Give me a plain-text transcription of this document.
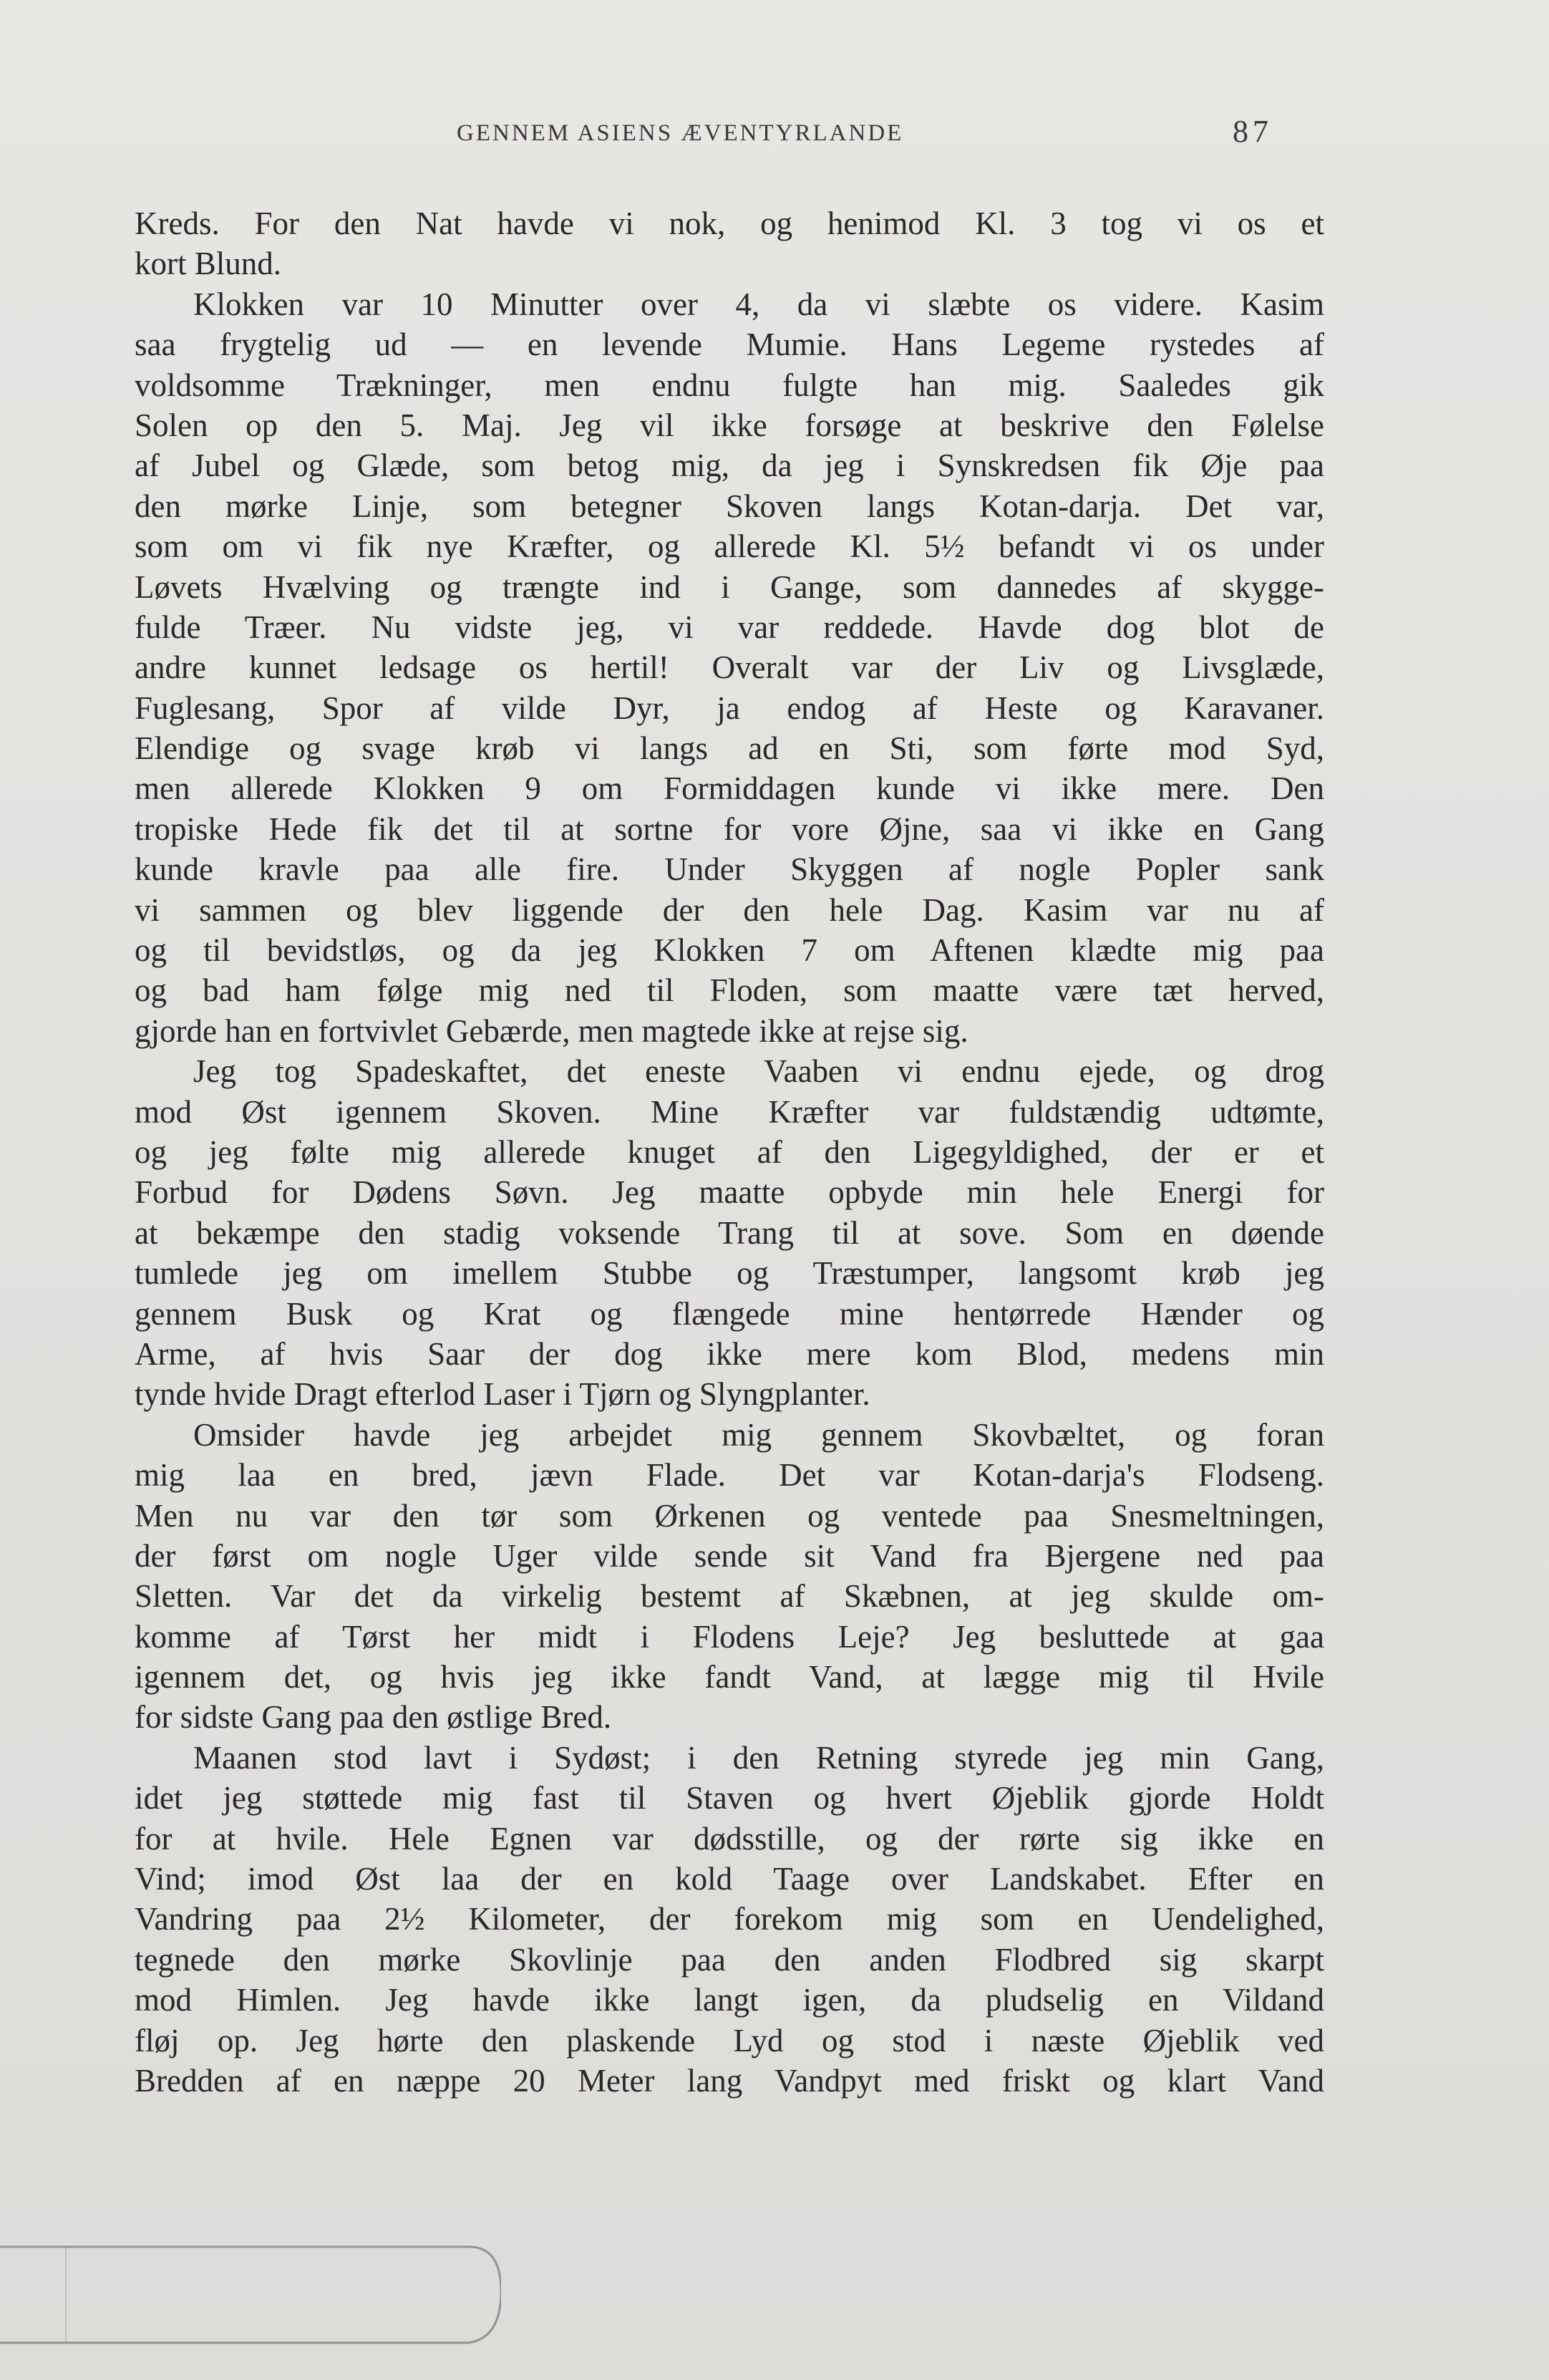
GENNEM ASIENS ÆVENTYRLANDE	87
Kreds. For den Nat havde vi nok, og henimod Kl. 3 tog vi os et
kort Blund.
Klokken var 10 Minutter over 4, da vi slæbte os videre. Kasim
saa frygtelig ud — en levende Mumie. Hans Legeme rystedes af
voldsomme Trækninger, men endnu fulgte han mig. Saaledes gik
Solen op den 5. Maj. Jeg vil ikke forsøge at beskrive den Følelse
af Jubel og Glæde, som betog mig, da jeg i Synskredsen fik Øje paa
den mørke Linje, som betegner Skoven langs Kotan-darja. Det var,
som om vi fik nye Kræfter, og allerede Kl. 5½ befandt vi os under
Løvets Hvælving og trængte ind i Gange, som dannedes af skygge-
fulde Træer. Nu vidste jeg, vi var reddede. Havde dog blot de
andre kunnet ledsage os hertil! Overalt var der Liv og Livsglæde,
Fuglesang, Spor af vilde Dyr, ja endog af Heste og Karavaner.
Elendige og svage krøb vi langs ad en Sti, som førte mod Syd,
men allerede Klokken 9 om Formiddagen kunde vi ikke mere. Den
tropiske Hede fik det til at sortne for vore Øjne, saa vi ikke en Gang
kunde kravle paa alle fire. Under Skyggen af nogle Popler sank
vi sammen og blev liggende der den hele Dag. Kasim var nu af
og til bevidstløs, og da jeg Klokken 7 om Aftenen klædte mig paa
og bad ham følge mig ned til Floden, som maatte være tæt herved,
gjorde han en fortvivlet Gebærde, men magtede ikke at rejse sig.
Jeg tog Spadeskaftet, det eneste Vaaben vi endnu ejede, og drog
mod Øst igennem Skoven. Mine Kræfter var fuldstændig udtømte,
og jeg følte mig allerede knuget af den Ligegyldighed, der er et
Forbud for Dødens Søvn. Jeg maatte opbyde min hele Energi for
at bekæmpe den stadig voksende Trang til at sove. Som en døende
tumlede jeg om imellem Stubbe og Træstumper, langsomt krøb jeg
gennem Busk og Krat og flængede mine hentørrede Hænder og
Arme, af hvis Saar der dog ikke mere kom Blod, medens min
tynde hvide Dragt efterlod Laser i Tjørn og Slyngplanter.
Omsider havde jeg arbejdet mig gennem Skovbæltet, og foran
mig laa en bred, jævn Flade. Det var Kotan-darja's Flodseng.
Men nu var den tør som Ørkenen og ventede paa Snesmeltningen,
der først om nogle Uger vilde sende sit Vand fra Bjergene ned paa
Sletten. Var det da virkelig bestemt af Skæbnen, at jeg skulde om-
komme af Tørst her midt i Flodens Leje? Jeg besluttede at gaa
igennem det, og hvis jeg ikke fandt Vand, at lægge mig til Hvile
for sidste Gang paa den østlige Bred.
Maanen stod lavt i Sydøst; i den Retning styrede jeg min Gang,
idet jeg støttede mig fast til Staven og hvert Øjeblik gjorde Holdt
for at hvile. Hele Egnen var dødsstille, og der rørte sig ikke en
Vind; imod Øst laa der en kold Taage over Landskabet. Efter en
Vandring paa 2½ Kilometer, der forekom mig som en Uendelighed,
tegnede den mørke Skovlinje paa den anden Flodbred sig skarpt
mod Himlen. Jeg havde ikke langt igen, da pludselig en Vildand
fløj op. Jeg hørte den plaskende Lyd og stod i næste Øjeblik ved
Bredden af en næppe 20 Meter lang Vandpyt med friskt og klart Vand
